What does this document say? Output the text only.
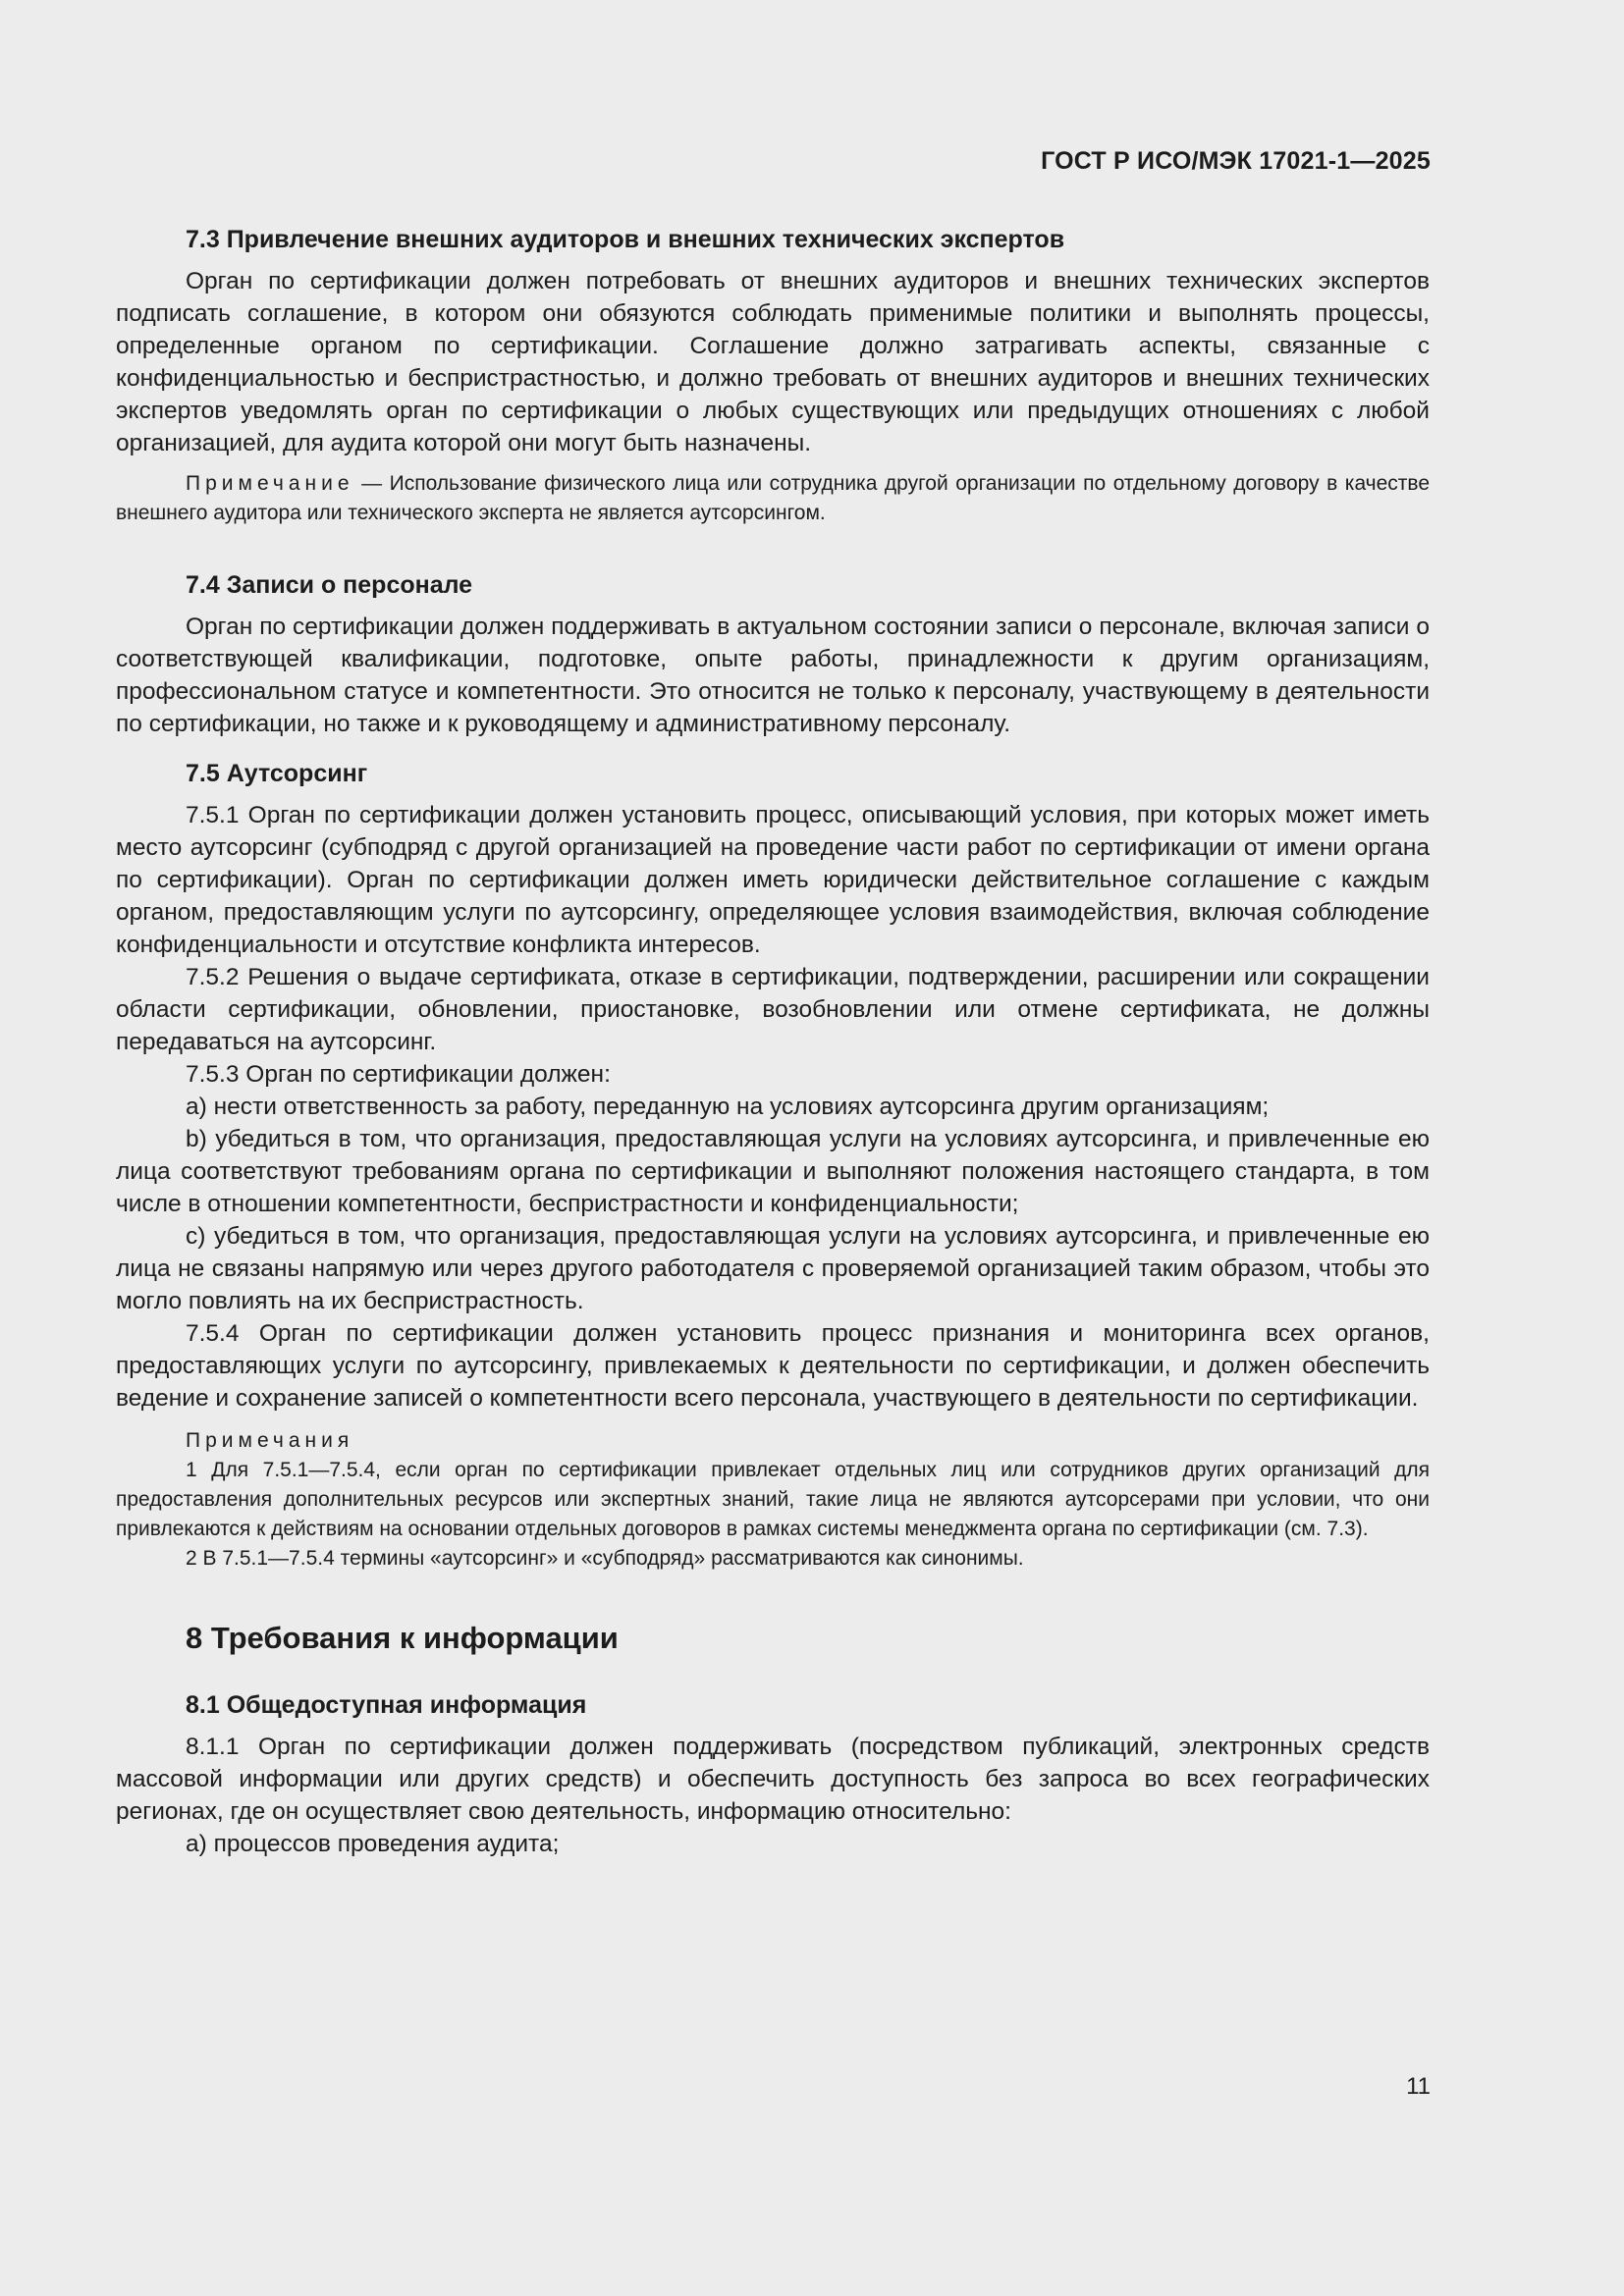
ГОСТ Р ИСО/МЭК 17021-1—2025
7.3 Привлечение внешних аудиторов и внешних технических экспертов

Орган по сертификации должен потребовать от внешних аудиторов и внешних технических экспертов подписать соглашение, в котором они обязуются соблюдать применимые политики и выполнять процессы, определенные органом по сертификации. Соглашение должно затрагивать аспекты, связанные с конфиденциальностью и беспристрастностью, и должно требовать от внешних аудиторов и внешних технических экспертов уведомлять орган по сертификации о любых существующих или предыдущих отношениях с любой организацией, для аудита которой они могут быть назначены.

Примечание — Использование физического лица или сотрудника другой организации по отдельному договору в качестве внешнего аудитора или технического эксперта не является аутсорсингом.

7.4 Записи о персонале

Орган по сертификации должен поддерживать в актуальном состоянии записи о персонале, включая записи о соответствующей квалификации, подготовке, опыте работы, принадлежности к другим организациям, профессиональном статусе и компетентности. Это относится не только к персоналу, участвующему в деятельности по сертификации, но также и к руководящему и административному персоналу.

7.5 Аутсорсинг

7.5.1 Орган по сертификации должен установить процесс, описывающий условия, при которых может иметь место аутсорсинг (субподряд с другой организацией на проведение части работ по сертификации от имени органа по сертификации). Орган по сертификации должен иметь юридически действительное соглашение с каждым органом, предоставляющим услуги по аутсорсингу, определяющее условия взаимодействия, включая соблюдение конфиденциальности и отсутствие конфликта интересов.

7.5.2 Решения о выдаче сертификата, отказе в сертификации, подтверждении, расширении или сокращении области сертификации, обновлении, приостановке, возобновлении или отмене сертификата, не должны передаваться на аутсорсинг.

7.5.3 Орган по сертификации должен:

а) нести ответственность за работу, переданную на условиях аутсорсинга другим организациям;

b) убедиться в том, что организация, предоставляющая услуги на условиях аутсорсинга, и привлеченные ею лица соответствуют требованиям органа по сертификации и выполняют положения настоящего стандарта, в том числе в отношении компетентности, беспристрастности и конфиденциальности;

c) убедиться в том, что организация, предоставляющая услуги на условиях аутсорсинга, и привлеченные ею лица не связаны напрямую или через другого работодателя с проверяемой организацией таким образом, чтобы это могло повлиять на их беспристрастность.

7.5.4 Орган по сертификации должен установить процесс признания и мониторинга всех органов, предоставляющих услуги по аутсорсингу, привлекаемых к деятельности по сертификации, и должен обеспечить ведение и сохранение записей о компетентности всего персонала, участвующего в деятельности по сертификации.

Примечания

1 Для 7.5.1—7.5.4, если орган по сертификации привлекает отдельных лиц или сотрудников других организаций для предоставления дополнительных ресурсов или экспертных знаний, такие лица не являются аутсорсерами при условии, что они привлекаются к действиям на основании отдельных договоров в рамках системы менеджмента органа по сертификации (см. 7.3).

2 В 7.5.1—7.5.4 термины «аутсорсинг» и «субподряд» рассматриваются как синонимы.

8 Требования к информации
8.1 Общедоступная информация

8.1.1 Орган по сертификации должен поддерживать (посредством публикаций, электронных средств массовой информации или других средств) и обеспечить доступность без запроса во всех географических регионах, где он осуществляет свою деятельность, информацию относительно:

a) процессов проведения аудита;

11
